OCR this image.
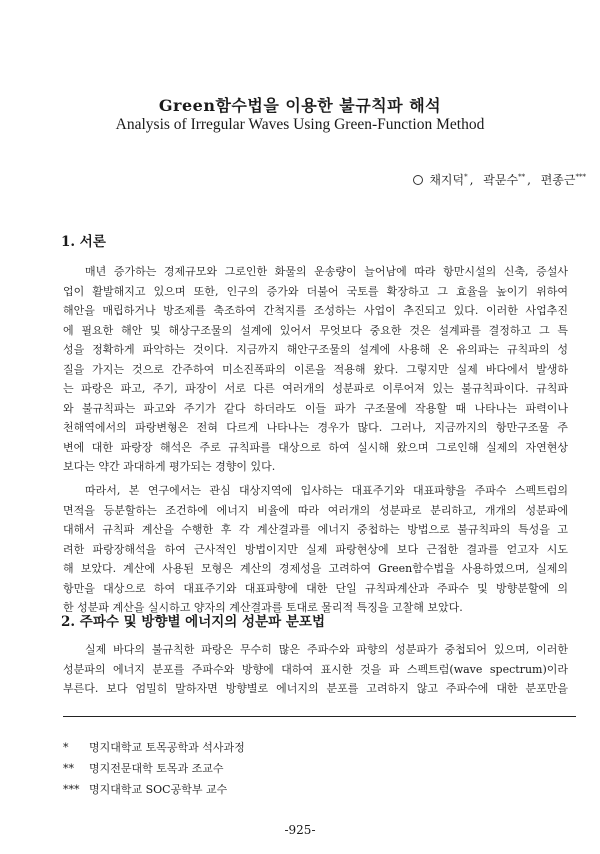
Green함수법을 이용한 불규칙파 해석
Analysis of Irregular Waves Using Green-Function Method
채지덕* , 곽문수** , 편종근***
1. 서론
매년 증가하는 경제규모와 그로인한 화물의 운송량이 늘어남에 따라 항만시설의 신축, 증설사
업이 활발해지고 있으며 또한, 인구의 증가와 더불어 국토를 확장하고 그 효율을 높이기 위하여
해안을 매립하거나 방조제를 축조하여 간척지를 조성하는 사업이 추진되고 있다. 이러한 사업추진
에 필요한 해안 및 해상구조물의 설계에 있어서 무엇보다 중요한 것은 설계파를 결정하고 그 특
성을 정확하게 파악하는 것이다. 지금까지 해안구조물의 설계에 사용해 온 유의파는 규칙파의 성
질을 가지는 것으로 간주하여 미소진폭파의 이론을 적용해 왔다. 그렇지만 실제 바다에서 발생하
는 파랑은 파고, 주기, 파장이 서로 다른 여러개의 성분파로 이루어져 있는 불규칙파이다. 규칙파
와 불규칙파는 파고와 주기가 같다 하더라도 이들 파가 구조물에 작용할 때 나타나는 파력이나
천해역에서의 파랑변형은 전혀 다르게 나타나는 경우가 많다. 그러나, 지금까지의 항만구조물 주
변에 대한 파랑장 해석은 주로 규칙파를 대상으로 하여 실시해 왔으며 그로인해 실제의 자연현상
보다는 약간 과대하게 평가되는 경향이 있다.
따라서, 본 연구에서는 관심 대상지역에 입사하는 대표주기와 대표파향을 주파수 스펙트럼의
면적을 등분할하는 조건하에 에너지 비율에 따라 여러개의 성분파로 분리하고, 개개의 성분파에
대해서 규칙파 계산을 수행한 후 각 계산결과를 에너지 중첩하는 방법으로 불규칙파의 특성을 고
려한 파랑장해석을 하여 근사적인 방법이지만 실제 파랑현상에 보다 근접한 결과를 얻고자 시도
해 보았다. 계산에 사용된 모형은 계산의 경제성을 고려하여 Green함수법을 사용하였으며, 실제의
항만을 대상으로 하여 대표주기와 대표파향에 대한 단일 규칙파계산과 주파수 및 방향분할에 의
한 성분파 계산을 실시하고 양자의 계산결과를 토대로 물리적 특징을 고찰해 보았다.
2. 주파수 및 방향별 에너지의 성분파 분포법
실제 바다의 불규칙한 파랑은 무수히 많은 주파수와 파향의 성분파가 중첩되어 있으며, 이러한
성분파의 에너지 분포를 주파수와 방향에 대하여 표시한 것을 파 스펙트럼(wave spectrum)이라
부른다. 보다 엄밀히 말하자면 방향별로 에너지의 분포를 고려하지 않고 주파수에 대한 분포만을
* 명지대학교 토목공학과 석사과정
** 명지전문대학 토목과 조교수
*** 명지대학교 SOC공학부 교수
-925-
